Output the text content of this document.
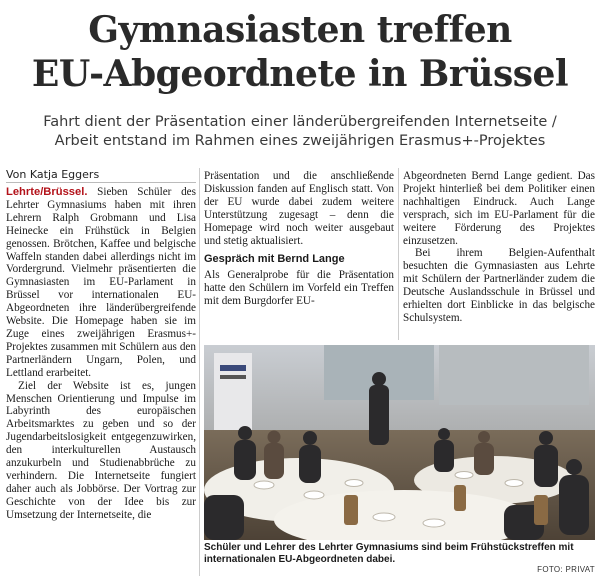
Gymnasiasten treffen
EU-Abgeordnete in Brüssel
Fahrt dient der Präsentation einer länderübergreifenden Internetseite /
Arbeit entstand im Rahmen eines zweijährigen Erasmus+-Projektes
Von Katja Eggers

Lehrte/Brüssel. Sieben Schüler des Lehrter Gymnasiums haben mit ihren Lehrern Ralph Grobmann und Lisa Heinecke ein Frühstück in Belgien genossen. Brötchen, Kaffee und belgische Waffeln standen dabei allerdings nicht im Vordergrund. Vielmehr präsentierten die Gymnasiasten im EU-Parlament in Brüssel vor internationalen EU-Abgeordneten ihre länderübergreifende Website. Die Homepage haben sie im Zuge eines zweijährigen Erasmus+-Projektes zusammen mit Schülern aus den Partnerländern Ungarn, Polen, und Lettland erarbeitet.

Ziel der Website ist es, jungen Menschen Orientierung und Impulse im Labyrinth des europäischen Arbeitsmarktes zu geben und so der Jugendarbeitslosigkeit entgegenzuwirken, den interkulturellen Austausch anzukurbeln und Studienabbrüche zu verhindern. Die Internetseite fungiert daher auch als Jobbörse. Der Vortrag zur Geschichte von der Idee bis zur Umsetzung der Internetseite, die

Präsentation und die anschließende Diskussion fanden auf Englisch statt. Von der EU wurde dabei zudem weitere Unterstützung zugesagt – denn die Homepage wird noch weiter ausgebaut und stetig aktualisiert.

Gespräch mit Bernd Lange

Als Generalprobe für die Präsentation hatte den Schülern im Vorfeld ein Treffen mit dem Burgdorfer EU-

Abgeordneten Bernd Lange gedient. Das Projekt hinterließ bei dem Politiker einen nachhaltigen Eindruck. Auch Lange versprach, sich im EU-Parlament für die weitere Förderung des Projektes einzusetzen.

Bei ihrem Belgien-Aufenthalt besuchten die Gymnasiasten aus Lehrte mit Schülern der Partnerländer zudem die Deutsche Auslandsschule in Brüssel und erhielten dort Einblicke in das belgische Schulsystem.

Schüler und Lehrer des Lehrter Gymnasiums sind beim Frühstückstreffen mit internationalen EU-Abgeordneten dabei.
FOTO: PRIVAT
